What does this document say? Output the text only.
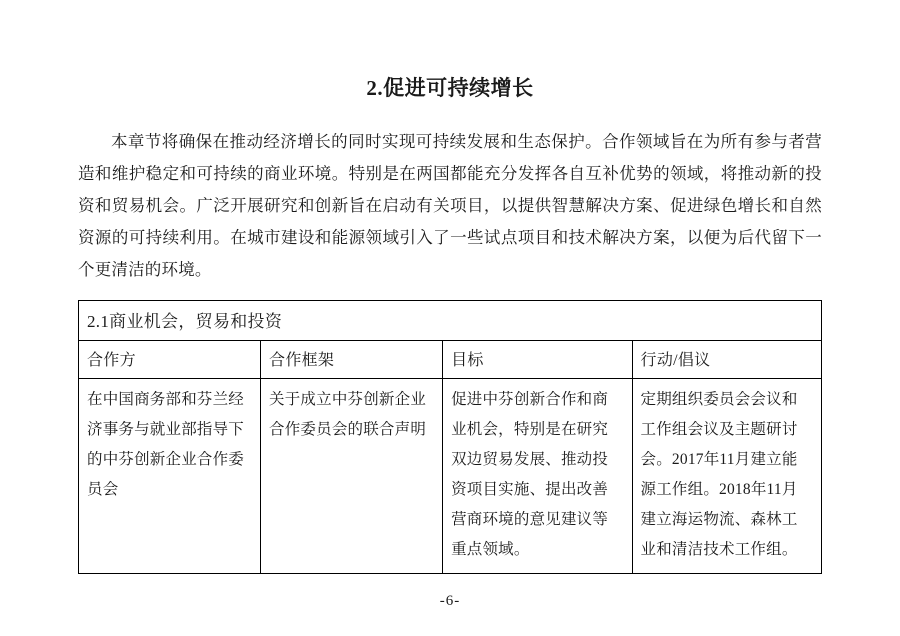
2.促进可持续增长

本章节将确保在推动经济增长的同时实现可持续发展和生态保护。合作领域旨在为所有参与者营造和维护稳定和可持续的商业环境。特别是在两国都能充分发挥各自互补优势的领域，将推动新的投资和贸易机会。广泛开展研究和创新旨在启动有关项目，以提供智慧解决方案、促进绿色增长和自然资源的可持续利用。在城市建设和能源领域引入了一些试点项目和技术解决方案，以便为后代留下一个更清洁的环境。

2.1商业机会，贸易和投资			
合作方	合作框架	目标	行动/倡议
在中国商务部和芬兰经济事务与就业部指导下的中芬创新企业合作委员会	关于成立中芬创新企业合作委员会的联合声明	促进中芬创新合作和商业机会，特别是在研究双边贸易发展、推动投资项目实施、提出改善营商环境的意见建议等重点领域。	定期组织委员会会议和工作组会议及主题研讨会。2017年11月建立能源工作组。2018年11月建立海运物流、森林工业和清洁技术工作组。
-6-
